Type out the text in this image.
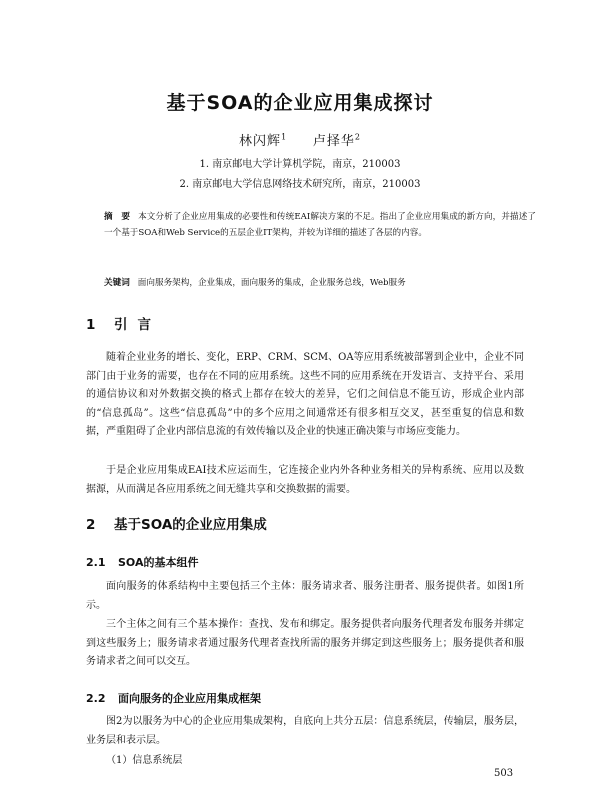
基于SOA的企业应用集成探讨
林闪辉$^1$ 卢择华$^2$
1. 南京邮电大学计算机学院，南京，210003
2. 南京邮电大学信息网络技术研究所，南京，210003
摘　要 本文分析了企业应用集成的必要性和传统EAI解决方案的不足。指出了企业应用集成的新方向，并描述了一个基于SOA和Web Service的五层企业IT架构，并较为详细的描述了各层的内容。
关键词 面向服务架构，企业集成，面向服务的集成，企业服务总线，Web服务
1 引言
随着企业业务的增长、变化，ERP、CRM、SCM、OA等应用系统被部署到企业中，企业不同部门由于业务的需要，也存在不同的应用系统。这些不同的应用系统在开发语言、支持平台、采用的通信协议和对外数据交换的格式上都存在较大的差异，它们之间信息不能互访，形成企业内部的“信息孤岛”。这些“信息孤岛”中的多个应用之间通常还有很多相互交叉，甚至重复的信息和数据，严重阻碍了企业内部信息流的有效传输以及企业的快速正确决策与市场应变能力。
于是企业应用集成EAI技术应运而生，它连接企业内外各种业务相关的异构系统、应用以及数据源，从而满足各应用系统之间无缝共享和交换数据的需要。
2 基于SOA的企业应用集成
2.1 SOA的基本组件
面向服务的体系结构中主要包括三个主体：服务请求者、服务注册者、服务提供者。如图1所示。
三个主体之间有三个基本操作：查找、发布和绑定。服务提供者向服务代理者发布服务并绑定到这些服务上；服务请求者通过服务代理者查找所需的服务并绑定到这些服务上；服务提供者和服务请求者之间可以交互。
2.2 面向服务的企业应用集成框架
图2为以服务为中心的企业应用集成架构，自底向上共分五层：信息系统层，传输层，服务层，业务层和表示层。
（1）信息系统层
503
